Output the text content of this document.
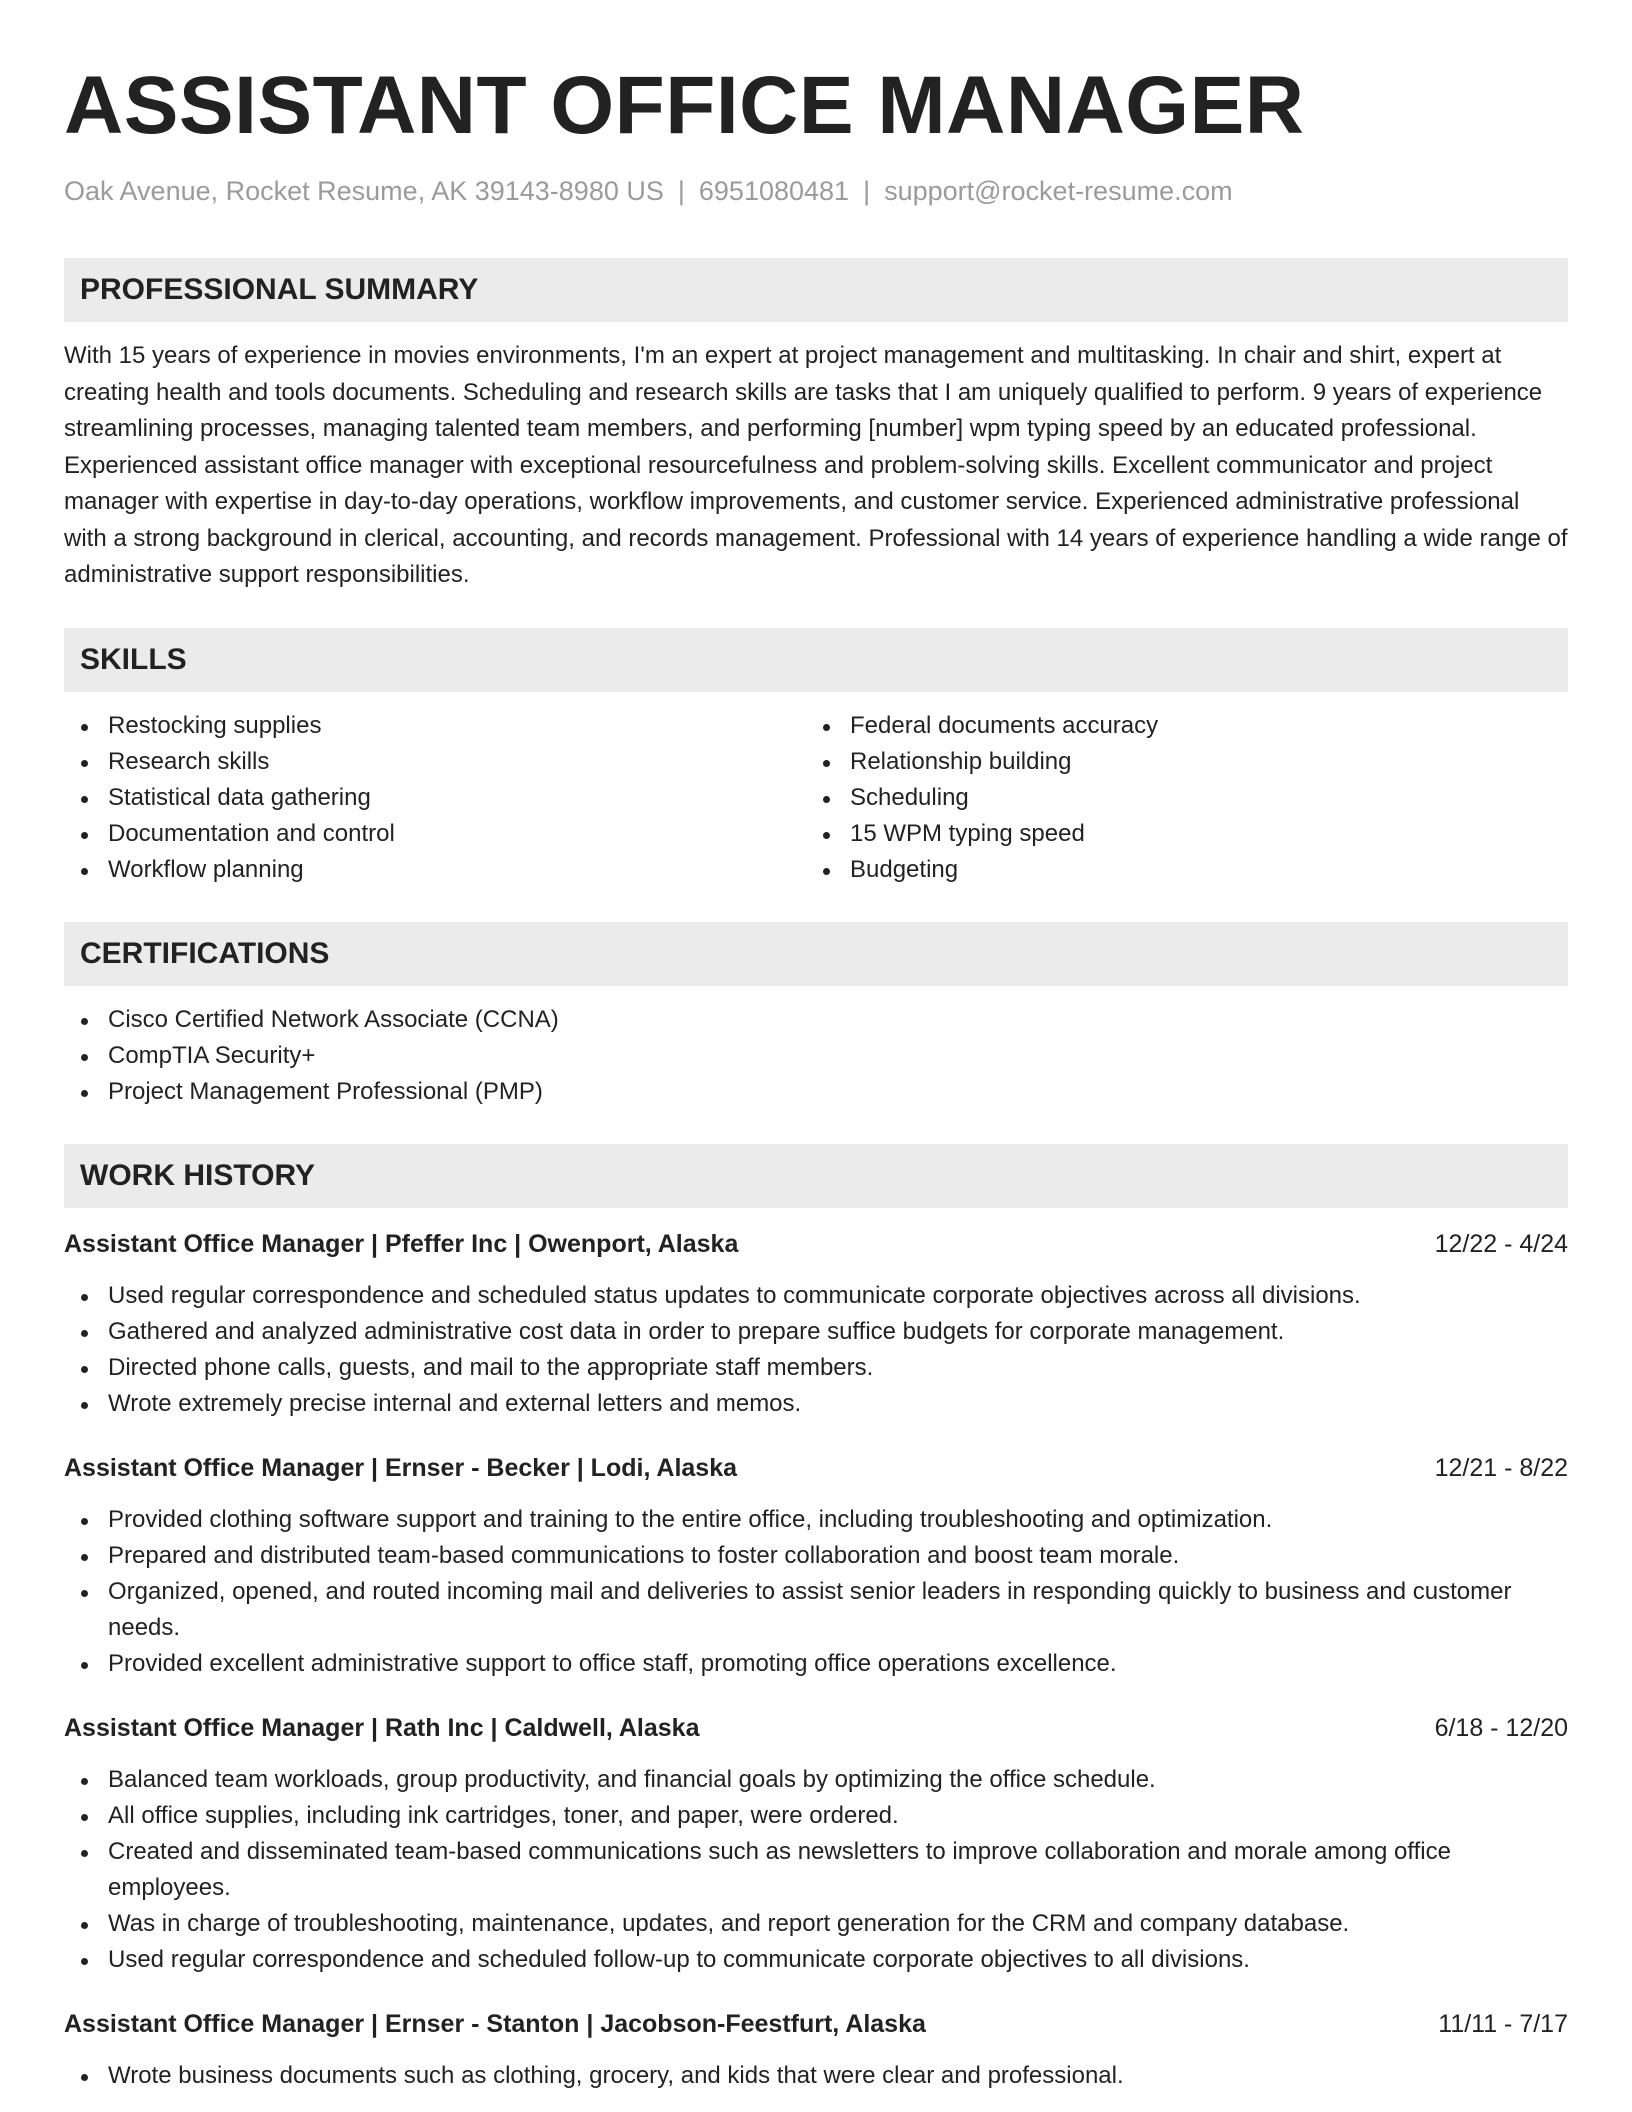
ASSISTANT OFFICE MANAGER
Oak Avenue, Rocket Resume, AK 39143-8980 US | 6951080481 | support@rocket-resume.com
PROFESSIONAL SUMMARY
With 15 years of experience in movies environments, I'm an expert at project management and multitasking. In chair and shirt, expert at creating health and tools documents. Scheduling and research skills are tasks that I am uniquely qualified to perform. 9 years of experience streamlining processes, managing talented team members, and performing [number] wpm typing speed by an educated professional. Experienced assistant office manager with exceptional resourcefulness and problem-solving skills. Excellent communicator and project manager with expertise in day-to-day operations, workflow improvements, and customer service. Experienced administrative professional with a strong background in clerical, accounting, and records management. Professional with 14 years of experience handling a wide range of administrative support responsibilities.
SKILLS
Restocking supplies
Research skills
Statistical data gathering
Documentation and control
Workflow planning
Federal documents accuracy
Relationship building
Scheduling
15 WPM typing speed
Budgeting
CERTIFICATIONS
Cisco Certified Network Associate (CCNA)
CompTIA Security+
Project Management Professional (PMP)
WORK HISTORY
Assistant Office Manager | Pfeffer Inc | Owenport, Alaska	12/22 - 4/24
Used regular correspondence and scheduled status updates to communicate corporate objectives across all divisions.
Gathered and analyzed administrative cost data in order to prepare suffice budgets for corporate management.
Directed phone calls, guests, and mail to the appropriate staff members.
Wrote extremely precise internal and external letters and memos.
Assistant Office Manager | Ernser - Becker | Lodi, Alaska	12/21 - 8/22
Provided clothing software support and training to the entire office, including troubleshooting and optimization.
Prepared and distributed team-based communications to foster collaboration and boost team morale.
Organized, opened, and routed incoming mail and deliveries to assist senior leaders in responding quickly to business and customer needs.
Provided excellent administrative support to office staff, promoting office operations excellence.
Assistant Office Manager | Rath Inc | Caldwell, Alaska	6/18 - 12/20
Balanced team workloads, group productivity, and financial goals by optimizing the office schedule.
All office supplies, including ink cartridges, toner, and paper, were ordered.
Created and disseminated team-based communications such as newsletters to improve collaboration and morale among office employees.
Was in charge of troubleshooting, maintenance, updates, and report generation for the CRM and company database.
Used regular correspondence and scheduled follow-up to communicate corporate objectives to all divisions.
Assistant Office Manager | Ernser - Stanton | Jacobson-Feestfurt, Alaska	11/11 - 7/17
Wrote business documents such as clothing, grocery, and kids that were clear and professional.
